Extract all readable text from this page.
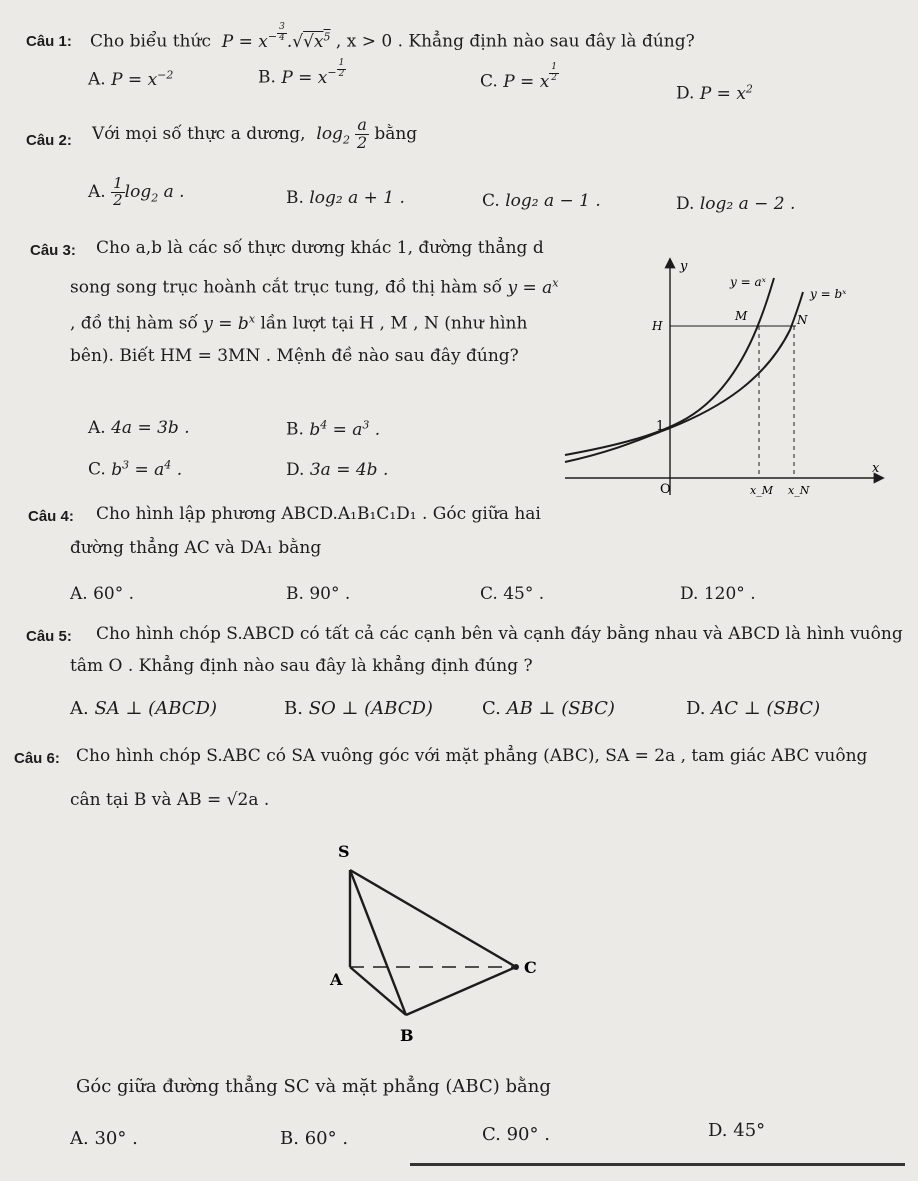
Câu 1: Cho biểu thức  $P = x^{- \frac{3}{4}}$ $.√√x^5$ , x > 0 . Khẳng định nào sau đây là đúng?
A. $P = x^{-2}$	B. $P = x^{- \frac{1}{2}}$
C. P = x $^{\frac{1}{2}}$
D. $P = x^2$
Câu 2: Với mọi số thực a dương,  $\log_2 \frac{a}{2}$ bằng
A. $\frac{1}{2} \log_2 a$ .	B. log₂ a + 1 .	C. log₂ a − 1 .	D. log₂ a − 2 .
Câu 3: Cho a,b là các số thực dương khác 1, đường thẳng d
song song trục hoành cắt trục tung, đồ thị hàm số $y = a^x$
, đồ thị hàm số $y = b^x$ lần lượt tại H , M , N (như hình
bên). Biết HM = 3MN . Mệnh đề nào sau đây đúng?
A. 4a = 3b .	B. $b^4 = a^3$ .
C. $b^3 = a^4$ .	D. 3a = 4b .
y
x
O
1
y = aˣ
y = bˣ
H
M	N
x_M x_N
Câu 4: Cho hình lập phương ABCD.A₁B₁C₁D₁ . Góc giữa hai
đường thẳng AC và DA₁ bằng
A. 60° .	B. 90° .	C. 45° .	D. 120° .
Câu 5: Cho hình chóp S.ABCD có tất cả các cạnh bên và cạnh đáy bằng nhau và ABCD là hình vuông
tâm O . Khẳng định nào sau đây là khẳng định đúng ?
A. SA ⊥ (ABCD)	B. SO ⊥ (ABCD)	C. AB ⊥ (SBC)	D. AC ⊥ (SBC)
Câu 6: Cho hình chóp S.ABC có SA vuông góc với mặt phẳng (ABC), SA = 2a , tam giác ABC vuông
cân tại B và AB = √2a .
S
A
B
C
Góc giữa đường thẳng SC và mặt phẳng (ABC) bằng
A. 30° .	B. 60° .	C. 90° .	D. 45°
